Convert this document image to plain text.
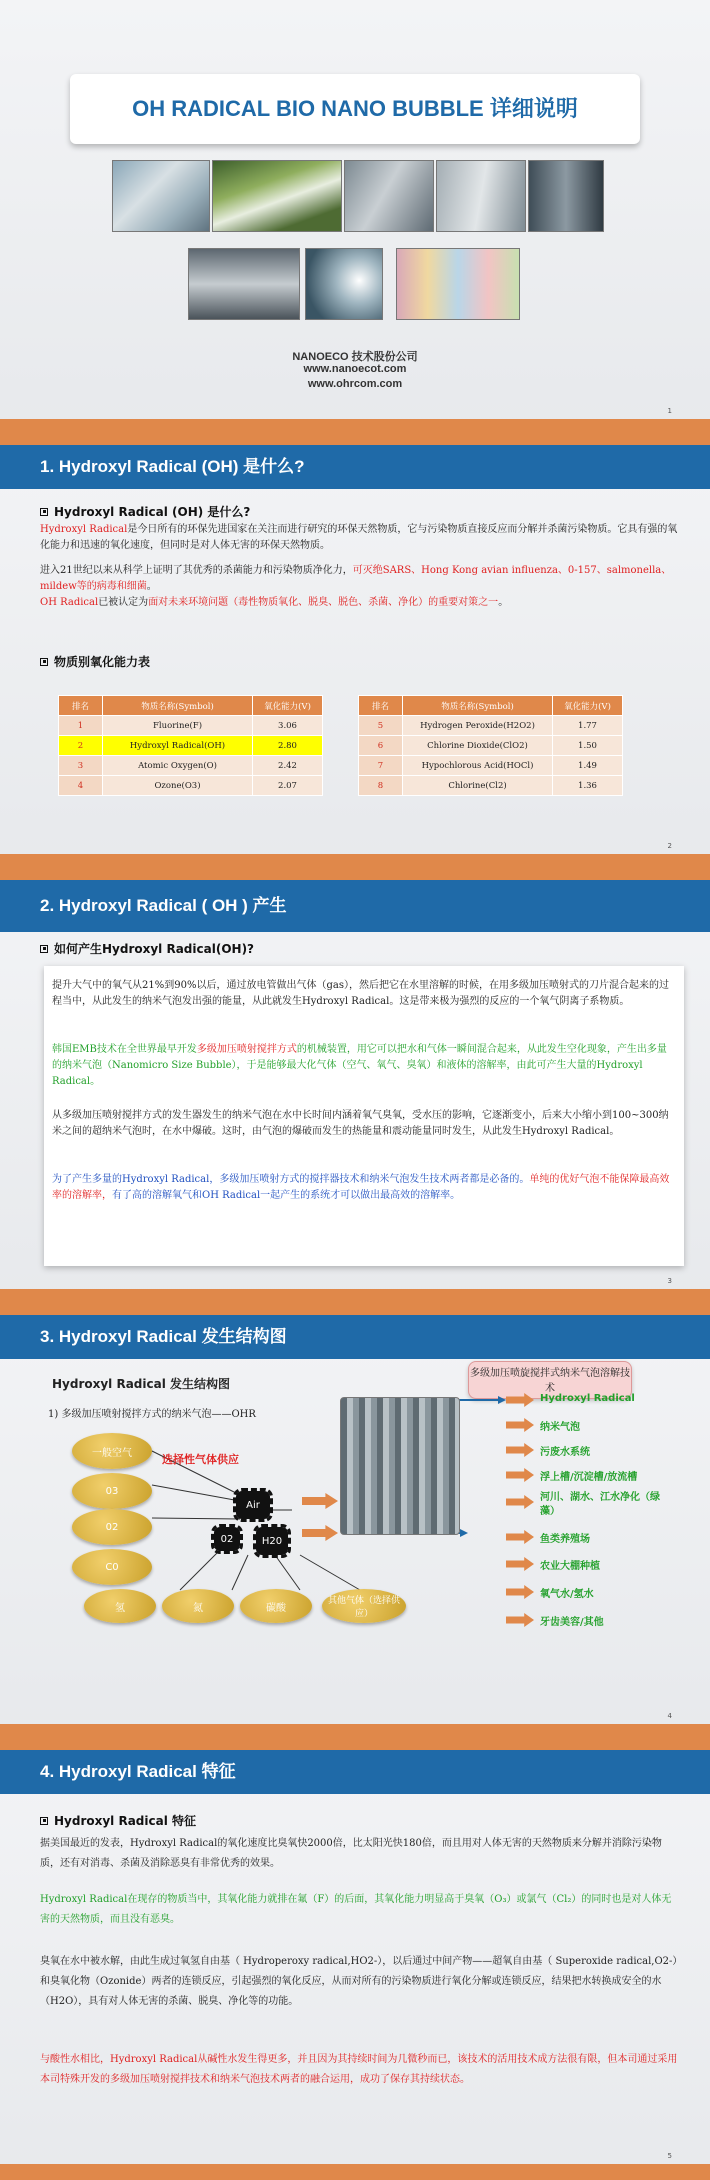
OH RADICAL BIO NANO BUBBLE 详细说明
NANOECO 技术股份公司
www.nanoecot.com
www.ohrcom.com
1
1. Hydroxyl Radical (OH) 是什么?
Hydroxyl Radical (OH) 是什么?
Hydroxyl Radical是今日所有的环保先进国家在关注而进行研究的环保天然物质，它与污染物质直接反应而分解并杀菌污染物质。它具有强的氧化能力和迅速的氧化速度，但同时是对人体无害的环保天然物质。
进入21世纪以来从科学上证明了其优秀的杀菌能力和污染物质净化力，可灭绝SARS、Hong Kong avian influenza、0-157、salmonella、mildew等的病毒和细菌。
OH Radical已被认定为面对未来环境问题（毒性物质氧化、脱臭、脱色、杀菌、净化）的重要对策之一。
物质别氧化能力表
排名	物质名称(Symbol)	氧化能力(V)
1	Fluorine(F)	3.06
2	Hydroxyl Radical(OH)	2.80
3	Atomic Oxygen(O)	2.42
4	Ozone(O3)	2.07
排名	物质名称(Symbol)	氧化能力(V)
5	Hydrogen Peroxide(H2O2)	1.77
6	Chlorine Dioxide(ClO2)	1.50
7	Hypochlorous Acid(HOCl)	1.49
8	Chlorine(Cl2)	1.36
2
2. Hydroxyl Radical ( OH ) 产生
如何产生Hydroxyl Radical(OH)?
提升大气中的氧气从21%到90%以后，通过放电管做出气体（gas），然后把它在水里溶解的时候，在用多级加压喷射式的刀片混合起来的过程当中，从此发生的纳米气泡发出强的能量，从此就发生Hydroxyl Radical。这是带来极为强烈的反应的一个氧气阴离子系物质。
韩国EMB技术在全世界最早开发多级加压喷射搅拌方式的机械装置，用它可以把水和气体一瞬间混合起来，从此发生空化现象，产生出多量的纳米气泡（Nanomicro Size Bubble），于是能够最大化气体（空气、氧气、臭氧）和液体的溶解率，由此可产生大量的Hydroxyl Radical。
从多级加压喷射搅拌方式的发生器发生的纳米气泡在水中长时间内涵着氧气臭氧，受水压的影响，它逐渐变小，后来大小缩小到100~300纳米之间的超纳米气泡时，在水中爆破。这时，由气泡的爆破而发生的热能量和震动能量同时发生，从此发生Hydroxyl Radical。
为了产生多量的Hydroxyl Radical，多级加压喷射方式的搅拌器技术和纳米气泡发生技术两者都是必备的。单纯的优好气泡不能保障最高效率的溶解率，有了高的溶解氧气和OH Radical一起产生的系统才可以做出最高效的溶解率。
3
3. Hydroxyl Radical 发生结构图
Hydroxyl Radical 发生结构图
1) 多级加压喷射搅拌方式的纳米气泡——OHR
多级加压喷旋搅拌式纳米气泡溶解技术
一般空气
03
02
C0
氢	氮	碳酸
其他气体（选择供应）
选择性气体供应
Air
02	H20
Hydroxyl Radical
纳米气泡
污废水系统
浮上槽/沉淀槽/放流槽
河川、湖水、江水净化（绿藻）
鱼类养殖场
农业大棚种植
氧气水/氢水
牙齿美容/其他
4
4. Hydroxyl Radical 特征
Hydroxyl Radical 特征
据美国最近的发表，Hydroxyl Radical的氧化速度比臭氧快2000倍，比太阳光快180倍，而且用对人体无害的天然物质来分解并消除污染物质，还有对消毒、杀菌及消除恶臭有非常优秀的效果。
Hydroxyl Radical在现存的物质当中，其氧化能力就排在氟（F）的后面，其氧化能力明显高于臭氧（O₃）或氯气（Cl₂）的同时也是对人体无害的天然物质，而且没有恶臭。
臭氧在水中被水解，由此生成过氧氢自由基（ Hydroperoxy radical,HO2-），以后通过中间产物——超氧自由基（ Superoxide radical,O2-）和臭氧化物（Ozonide）两者的连锁反应，引起强烈的氧化反应，从而对所有的污染物质进行氧化分解或连锁反应，结果把水转换成安全的水（H2O），具有对人体无害的杀菌、脱臭、净化等的功能。
与酸性水相比，Hydroxyl Radical从碱性水发生得更多，并且因为其持续时间为几微秒而已，该技术的活用技术成方法很有限，但本司通过采用本司特殊开发的多级加压喷射搅拌技术和纳米气泡技术两者的融合运用，成功了保存其持续状态。
5
